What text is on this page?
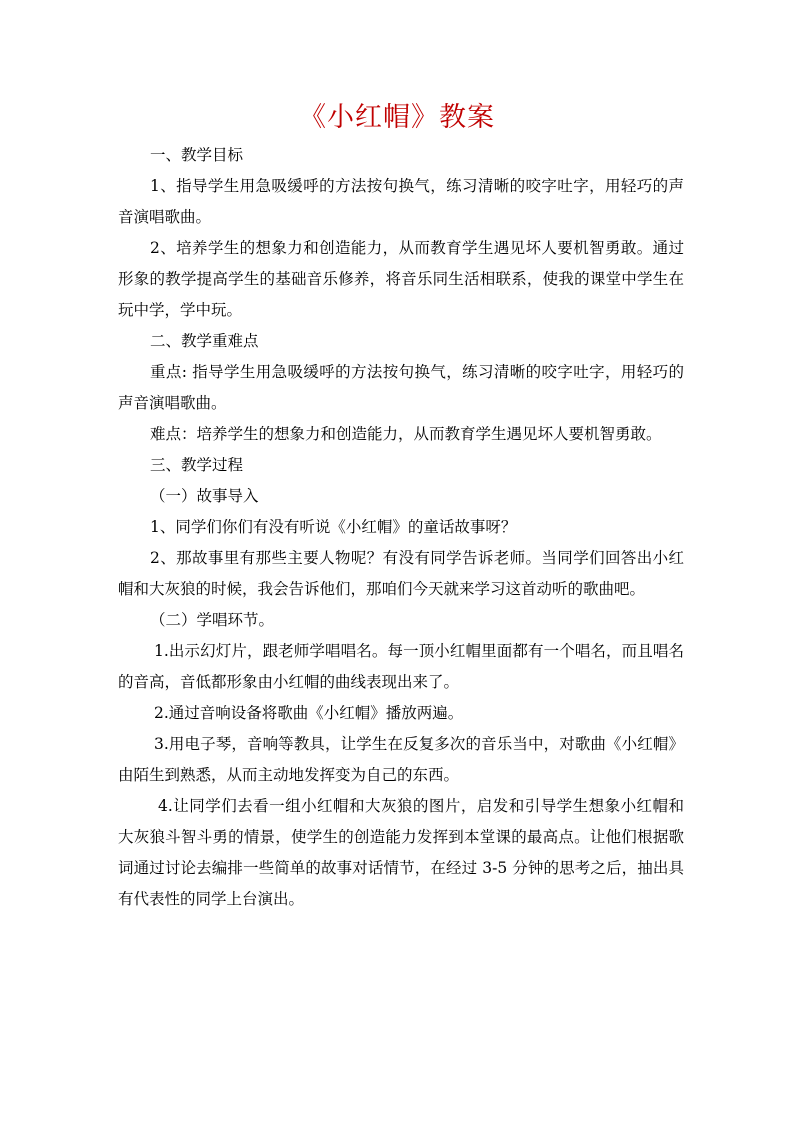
《小红帽》教案

一、教学目标

1、指导学生用急吸缓呼的方法按句换气，练习清晰的咬字吐字，用轻巧的声音演唱歌曲。

2、培养学生的想象力和创造能力，从而教育学生遇见坏人要机智勇敢。通过形象的教学提高学生的基础音乐修养，将音乐同生活相联系，使我的课堂中学生在玩中学，学中玩。

二、教学重难点

重点: 指导学生用急吸缓呼的方法按句换气，练习清晰的咬字吐字，用轻巧的声音演唱歌曲。

难点：培养学生的想象力和创造能力，从而教育学生遇见坏人要机智勇敢。

三、教学过程

（一）故事导入

1、同学们你们有没有听说《小红帽》的童话故事呀？

2、那故事里有那些主要人物呢？有没有同学告诉老师。当同学们回答出小红帽和大灰狼的时候，我会告诉他们，那咱们今天就来学习这首动听的歌曲吧。

（二）学唱环节。

1.出示幻灯片，跟老师学唱唱名。每一顶小红帽里面都有一个唱名，而且唱名的音高，音低都形象由小红帽的曲线表现出来了。

2.通过音响设备将歌曲《小红帽》播放两遍。

3.用电子琴，音响等教具，让学生在反复多次的音乐当中，对歌曲《小红帽》由陌生到熟悉，从而主动地发挥变为自己的东西。

4.让同学们去看一组小红帽和大灰狼的图片，启发和引导学生想象小红帽和大灰狼斗智斗勇的情景，使学生的创造能力发挥到本堂课的最高点。让他们根据歌词通过讨论去编排一些简单的故事对话情节，在经过 3-5 分钟的思考之后，抽出具有代表性的同学上台演出。
